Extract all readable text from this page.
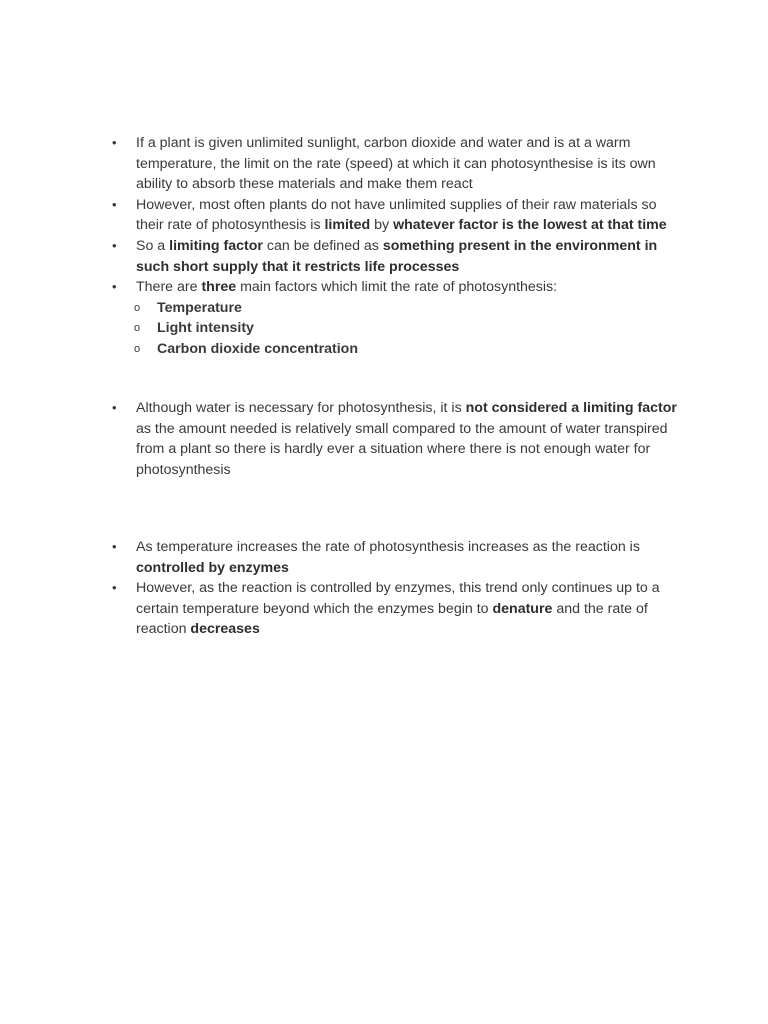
• If a plant is given unlimited sunlight, carbon dioxide and water and is at a warm temperature, the limit on the rate (speed) at which it can photosynthesise is its own ability to absorb these materials and make them react
• However, most often plants do not have unlimited supplies of their raw materials so their rate of photosynthesis is limited by whatever factor is the lowest at that time
• So a limiting factor can be defined as something present in the environment in such short supply that it restricts life processes
• There are three main factors which limit the rate of photosynthesis:
o Temperature
o Light intensity
o Carbon dioxide concentration
• Although water is necessary for photosynthesis, it is not considered a limiting factor as the amount needed is relatively small compared to the amount of water transpired from a plant so there is hardly ever a situation where there is not enough water for photosynthesis
• As temperature increases the rate of photosynthesis increases as the reaction is controlled by enzymes
• However, as the reaction is controlled by enzymes, this trend only continues up to a certain temperature beyond which the enzymes begin to denature and the rate of reaction decreases
